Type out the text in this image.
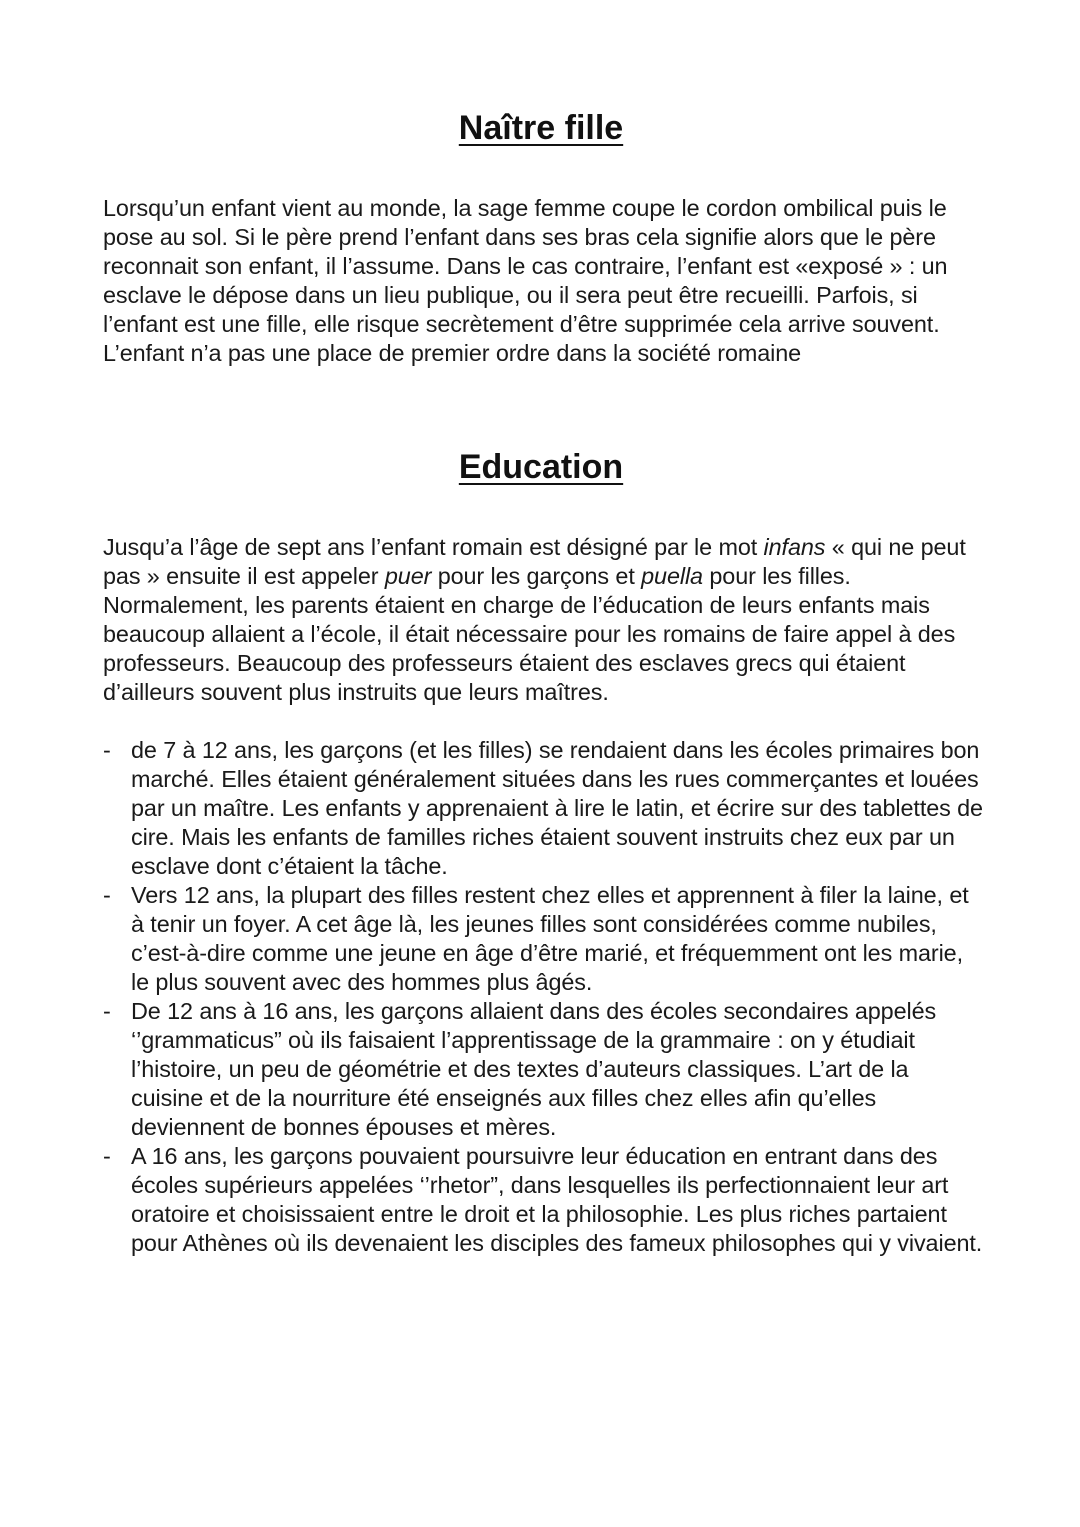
Naître fille

Lorsqu’un enfant vient au monde, la sage femme coupe le cordon ombilical puis le pose au sol. Si le père prend l’enfant dans ses bras cela signifie alors que le père reconnait son enfant, il l’assume. Dans le cas contraire, l’enfant est «exposé » : un esclave le dépose dans un lieu publique, ou il sera peut être recueilli. Parfois, si l’enfant est une fille, elle risque secrètement d’être supprimée cela arrive souvent. L’enfant n’a pas une place de premier ordre dans la société romaine

Education

Jusqu’a l’âge de sept ans l’enfant romain est désigné par le mot infans « qui ne peut pas » ensuite il est appeler puer pour les garçons et puella pour les filles. Normalement, les parents étaient en charge de l’éducation de leurs enfants mais beaucoup allaient a l’école, il était nécessaire pour les romains de faire appel à des professeurs. Beaucoup des professeurs étaient des esclaves grecs qui étaient d’ailleurs souvent plus instruits que leurs maîtres.

- de 7 à 12 ans, les garçons (et les filles) se rendaient dans les écoles primaires bon marché. Elles étaient généralement situées dans les rues commerçantes et louées par un maître. Les enfants y apprenaient à lire le latin, et écrire sur des tablettes de cire. Mais les enfants de familles riches étaient souvent instruits chez eux par un esclave dont c’étaient la tâche.
- Vers 12 ans, la plupart des filles restent chez elles et apprennent à filer la laine, et à tenir un foyer. A cet âge là, les jeunes filles sont considérées comme nubiles, c’est-à-dire comme une jeune en âge d’être marié, et fréquemment ont les marie, le plus souvent avec des hommes plus âgés.
- De 12 ans à 16 ans, les garçons allaient dans des écoles secondaires appelés ‘’grammaticus” où ils faisaient l’apprentissage de la grammaire : on y étudiait l’histoire, un peu de géométrie et des textes d’auteurs classiques. L’art de la cuisine et de la nourriture été enseignés aux filles chez elles afin qu’elles deviennent de bonnes épouses et mères.
- A 16 ans, les garçons pouvaient poursuivre leur éducation en entrant dans des écoles supérieurs appelées ‘’rhetor”, dans lesquelles ils perfectionnaient leur art oratoire et choisissaient entre le droit et la philosophie. Les plus riches partaient pour Athènes où ils devenaient les disciples des fameux philosophes qui y vivaient.
